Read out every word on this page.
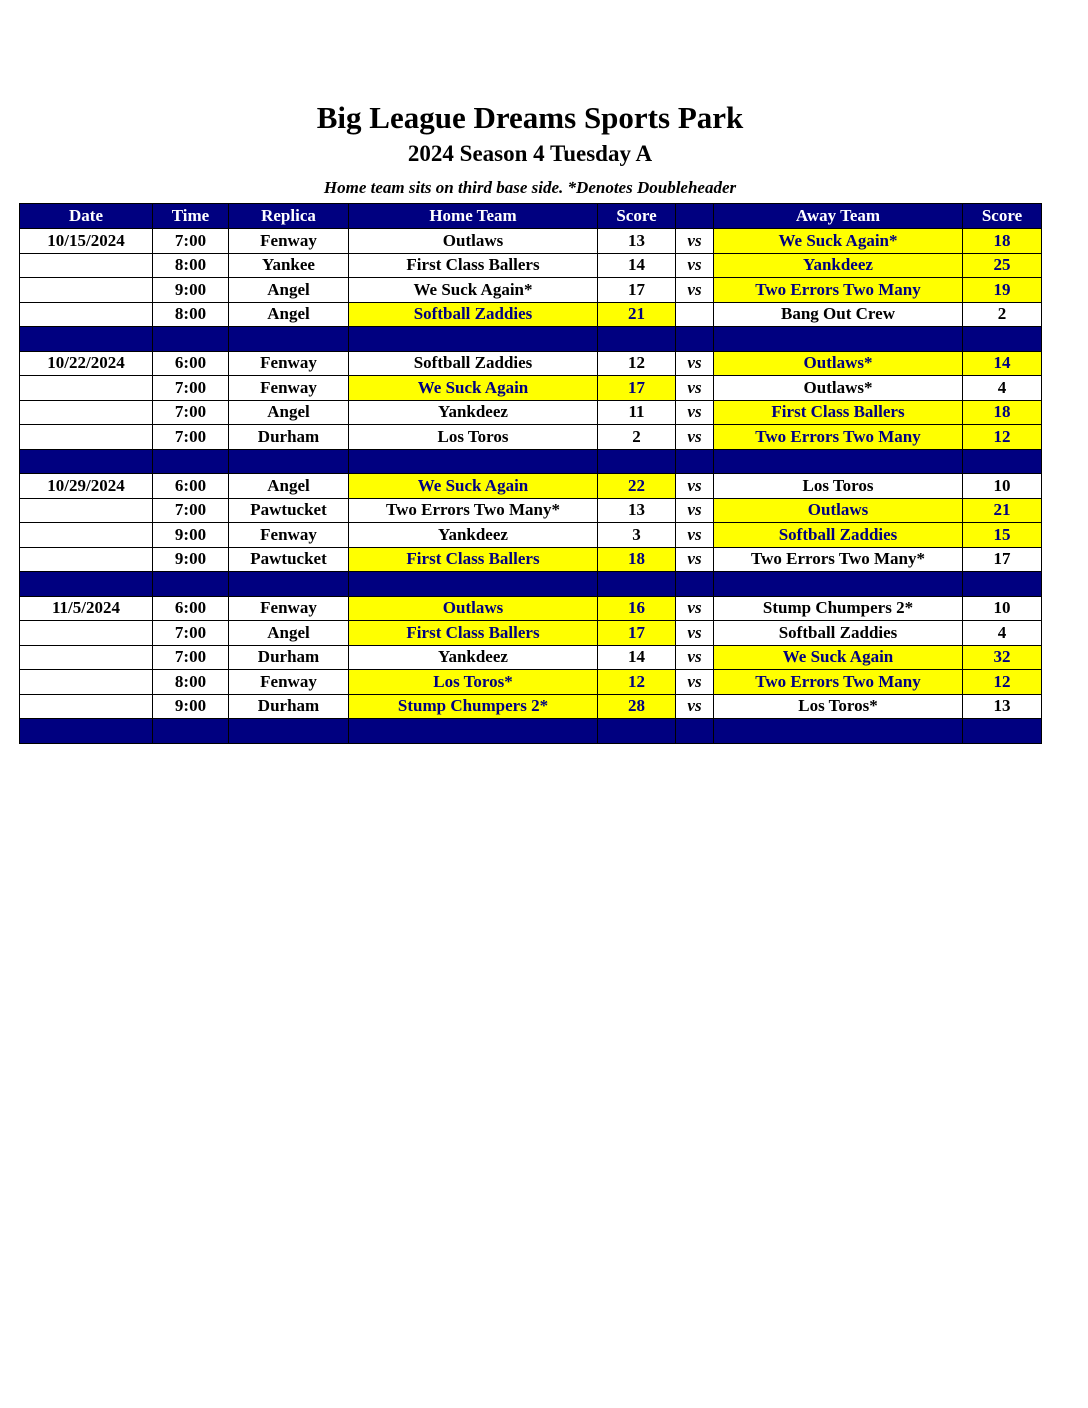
Big League Dreams Sports Park
2024 Season 4 Tuesday A
Home team sits on third base side. *Denotes Doubleheader
Date	Time	Replica	Home Team	Score		Away Team	Score
10/15/2024	7:00	Fenway	Outlaws	13	vs	We Suck Again*	18
	8:00	Yankee	First Class Ballers	14	vs	Yankdeez	25
	9:00	Angel	We Suck Again*	17	vs	Two Errors Two Many	19
	8:00	Angel	Softball Zaddies	21		Bang Out Crew	2

10/22/2024	6:00	Fenway	Softball Zaddies	12	vs	Outlaws*	14
	7:00	Fenway	We Suck Again	17	vs	Outlaws*	4
	7:00	Angel	Yankdeez	11	vs	First Class Ballers	18
	7:00	Durham	Los Toros	2	vs	Two Errors Two Many	12

10/29/2024	6:00	Angel	We Suck Again	22	vs	Los Toros	10
	7:00	Pawtucket	Two Errors Two Many*	13	vs	Outlaws	21
	9:00	Fenway	Yankdeez	3	vs	Softball Zaddies	15
	9:00	Pawtucket	First Class Ballers	18	vs	Two Errors Two Many*	17

11/5/2024	6:00	Fenway	Outlaws	16	vs	Stump Chumpers 2*	10
	7:00	Angel	First Class Ballers	17	vs	Softball Zaddies	4
	7:00	Durham	Yankdeez	14	vs	We Suck Again	32
	8:00	Fenway	Los Toros*	12	vs	Two Errors Two Many	12
	9:00	Durham	Stump Chumpers 2*	28	vs	Los Toros*	13
